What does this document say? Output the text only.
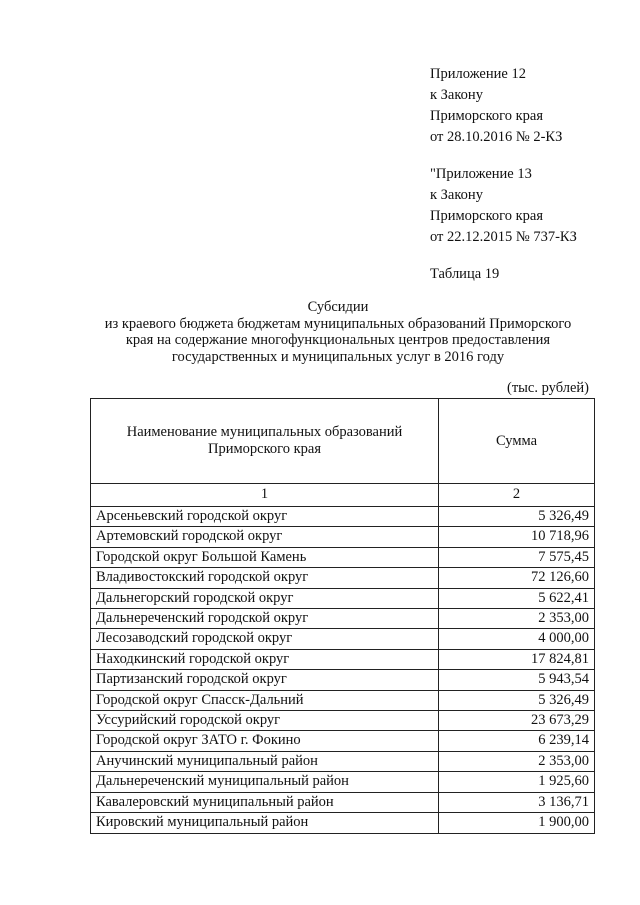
Приложение 12
к Закону
Приморского края
от 28.10.2016 № 2-КЗ
"Приложение 13
к Закону
Приморского края
от 22.12.2015 № 737-КЗ
Таблица 19
Субсидии
из краевого бюджета бюджетам муниципальных образований Приморского
края на содержание многофункциональных центров предоставления
государственных и муниципальных услуг в 2016 году
(тыс. рублей)
Наименование муниципальных образований
Приморского края	Сумма
1	2
Арсеньевский городской округ	5 326,49
Артемовский городской округ	10 718,96
Городской округ Большой Камень	7 575,45
Владивостокский городской округ	72 126,60
Дальнегорский городской округ	5 622,41
Дальнереченский городской округ	2 353,00
Лесозаводский городской округ	4 000,00
Находкинский городской округ	17 824,81
Партизанский городской округ	5 943,54
Городской округ Спасск-Дальний	5 326,49
Уссурийский городской округ	23 673,29
Городской округ ЗАТО г. Фокино	6 239,14
Анучинский муниципальный район	2 353,00
Дальнереченский муниципальный район	1 925,60
Кавалеровский муниципальный район	3 136,71
Кировский муниципальный район	1 900,00
